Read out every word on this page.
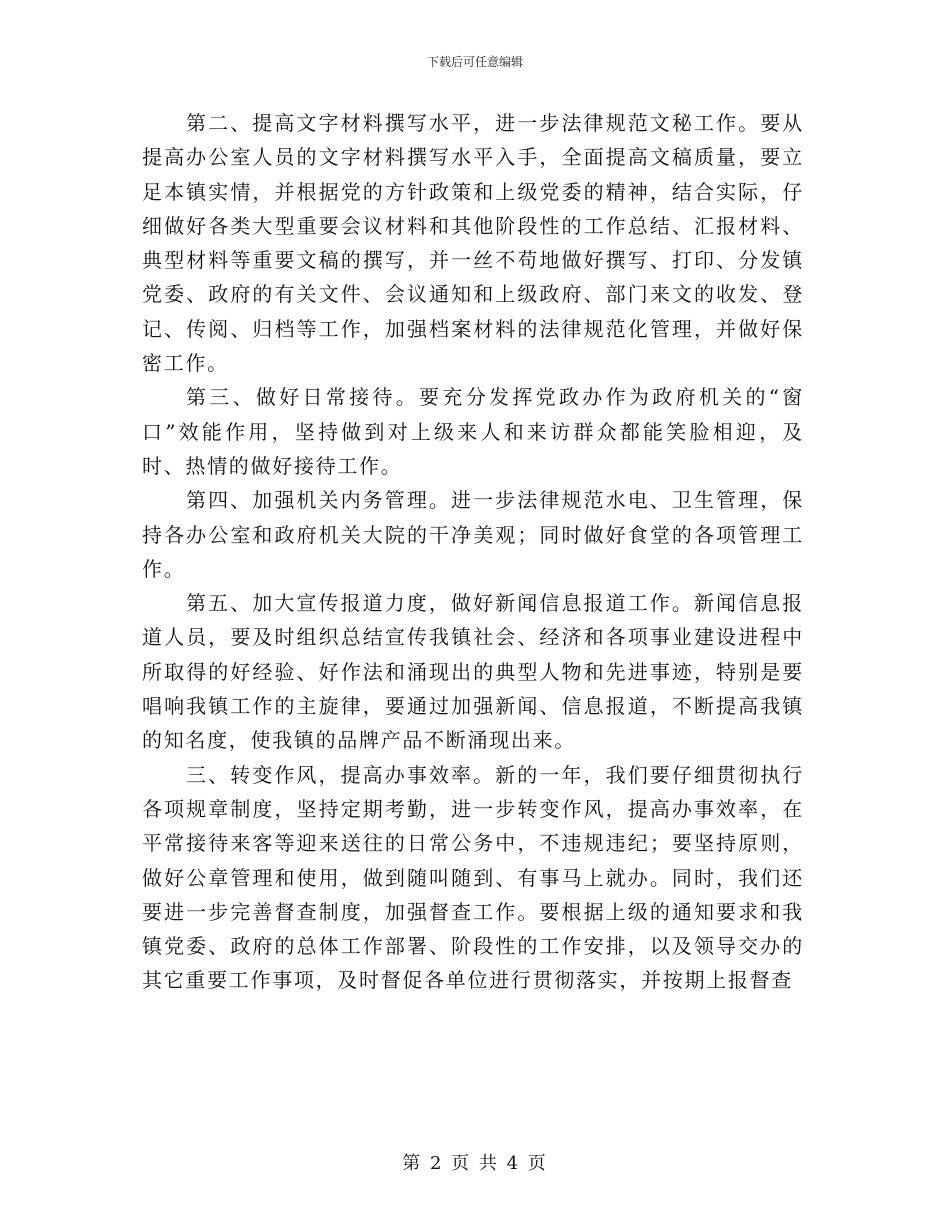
下载后可任意编辑

第二、提高文字材料撰写水平，进一步法律规范文秘工作。要从提高办公室人员的文字材料撰写水平入手，全面提高文稿质量，要立足本镇实情，并根据党的方针政策和上级党委的精神，结合实际，仔细做好各类大型重要会议材料和其他阶段性的工作总结、汇报材料、典型材料等重要文稿的撰写，并一丝不苟地做好撰写、打印、分发镇党委、政府的有关文件、会议通知和上级政府、部门来文的收发、登记、传阅、归档等工作，加强档案材料的法律规范化管理，并做好保密工作。

第三、做好日常接待。要充分发挥党政办作为政府机关的“窗口”效能作用，坚持做到对上级来人和来访群众都能笑脸相迎，及时、热情的做好接待工作。

第四、加强机关内务管理。进一步法律规范水电、卫生管理，保持各办公室和政府机关大院的干净美观；同时做好食堂的各项管理工作。

第五、加大宣传报道力度，做好新闻信息报道工作。新闻信息报道人员，要及时组织总结宣传我镇社会、经济和各项事业建设进程中所取得的好经验、好作法和涌现出的典型人物和先进事迹，特别是要唱响我镇工作的主旋律，要通过加强新闻、信息报道，不断提高我镇的知名度，使我镇的品牌产品不断涌现出来。

三、转变作风，提高办事效率。新的一年，我们要仔细贯彻执行各项规章制度，坚持定期考勤，进一步转变作风，提高办事效率，在平常接待来客等迎来送往的日常公务中，不违规违纪；要坚持原则，做好公章管理和使用，做到随叫随到、有事马上就办。同时，我们还要进一步完善督查制度，加强督查工作。要根据上级的通知要求和我镇党委、政府的总体工作部署、阶段性的工作安排，以及领导交办的其它重要工作事项，及时督促各单位进行贯彻落实，并按期上报督查

第 2 页 共 4 页
